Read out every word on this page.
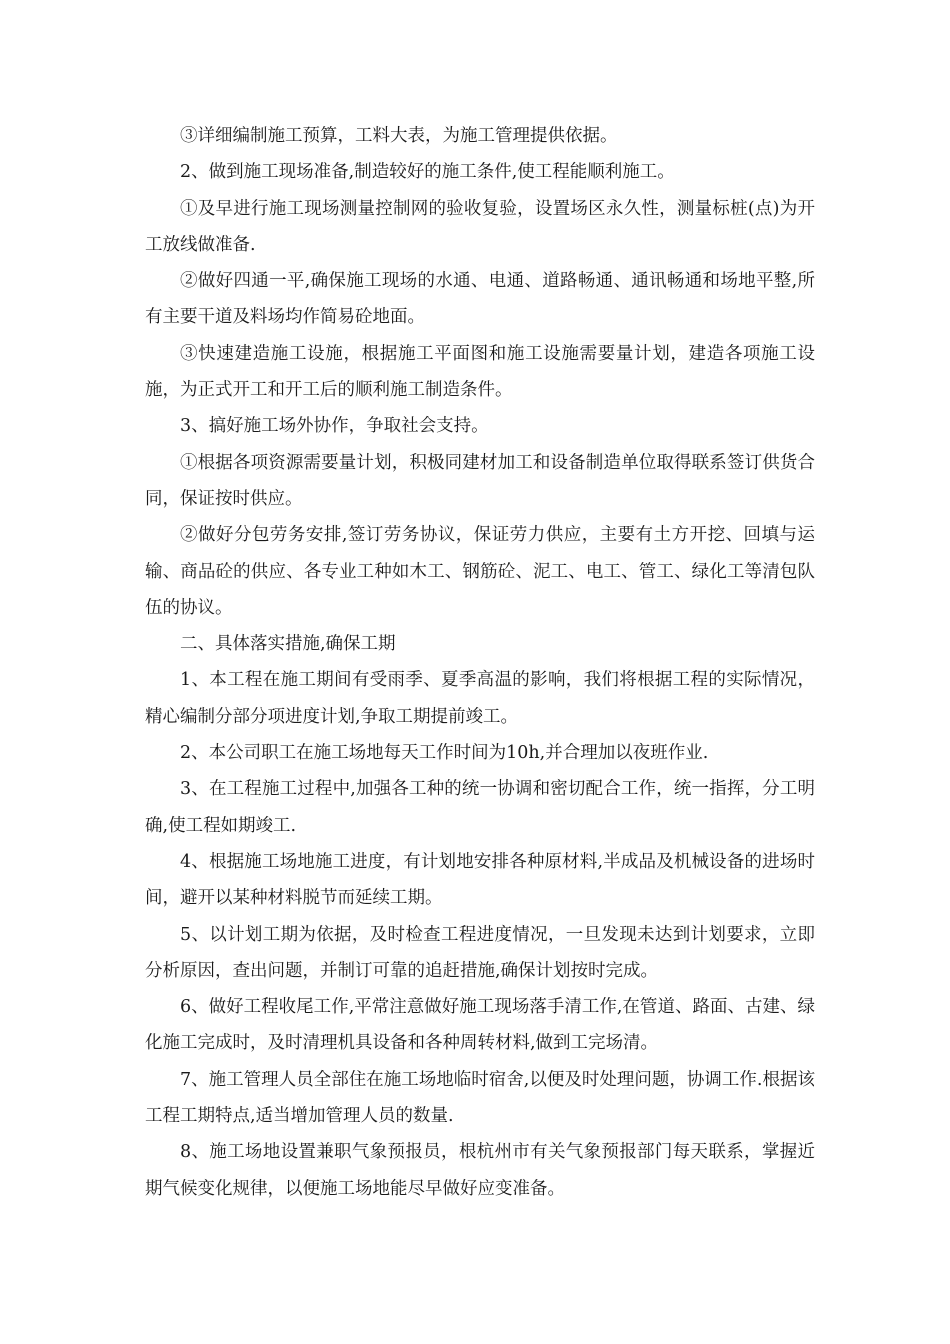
③详细编制施工预算，工料大表，为施工管理提供依据。

2、做到施工现场准备,制造较好的施工条件,使工程能顺利施工。

①及早进行施工现场测量控制网的验收复验，设置场区永久性，测量标桩(点)为开工放线做准备.

②做好四通一平,确保施工现场的水通、电通、道路畅通、通讯畅通和场地平整,所有主要干道及料场均作简易砼地面。

③快速建造施工设施，根据施工平面图和施工设施需要量计划，建造各项施工设施，为正式开工和开工后的顺利施工制造条件。

3、搞好施工场外协作，争取社会支持。

①根据各项资源需要量计划，积极同建材加工和设备制造单位取得联系签订供货合同，保证按时供应。

②做好分包劳务安排,签订劳务协议，保证劳力供应，主要有土方开挖、回填与运输、商品砼的供应、各专业工种如木工、钢筋砼、泥工、电工、管工、绿化工等清包队伍的协议。

二、具体落实措施,确保工期

1、本工程在施工期间有受雨季、夏季高温的影响，我们将根据工程的实际情况，精心编制分部分项进度计划,争取工期提前竣工。

2、本公司职工在施工场地每天工作时间为10h,并合理加以夜班作业.

3、在工程施工过程中,加强各工种的统一协调和密切配合工作，统一指挥，分工明确,使工程如期竣工.

4、根据施工场地施工进度，有计划地安排各种原材料,半成品及机械设备的进场时间，避开以某种材料脱节而延续工期。

5、以计划工期为依据，及时检查工程进度情况，一旦发现未达到计划要求，立即分析原因，查出问题，并制订可靠的追赶措施,确保计划按时完成。

6、做好工程收尾工作,平常注意做好施工现场落手清工作,在管道、路面、古建、绿化施工完成时，及时清理机具设备和各种周转材料,做到工完场清。

7、施工管理人员全部住在施工场地临时宿舍,以便及时处理问题，协调工作.根据该工程工期特点,适当增加管理人员的数量.

8、施工场地设置兼职气象预报员，根杭州市有关气象预报部门每天联系，掌握近期气候变化规律，以便施工场地能尽早做好应变准备。
